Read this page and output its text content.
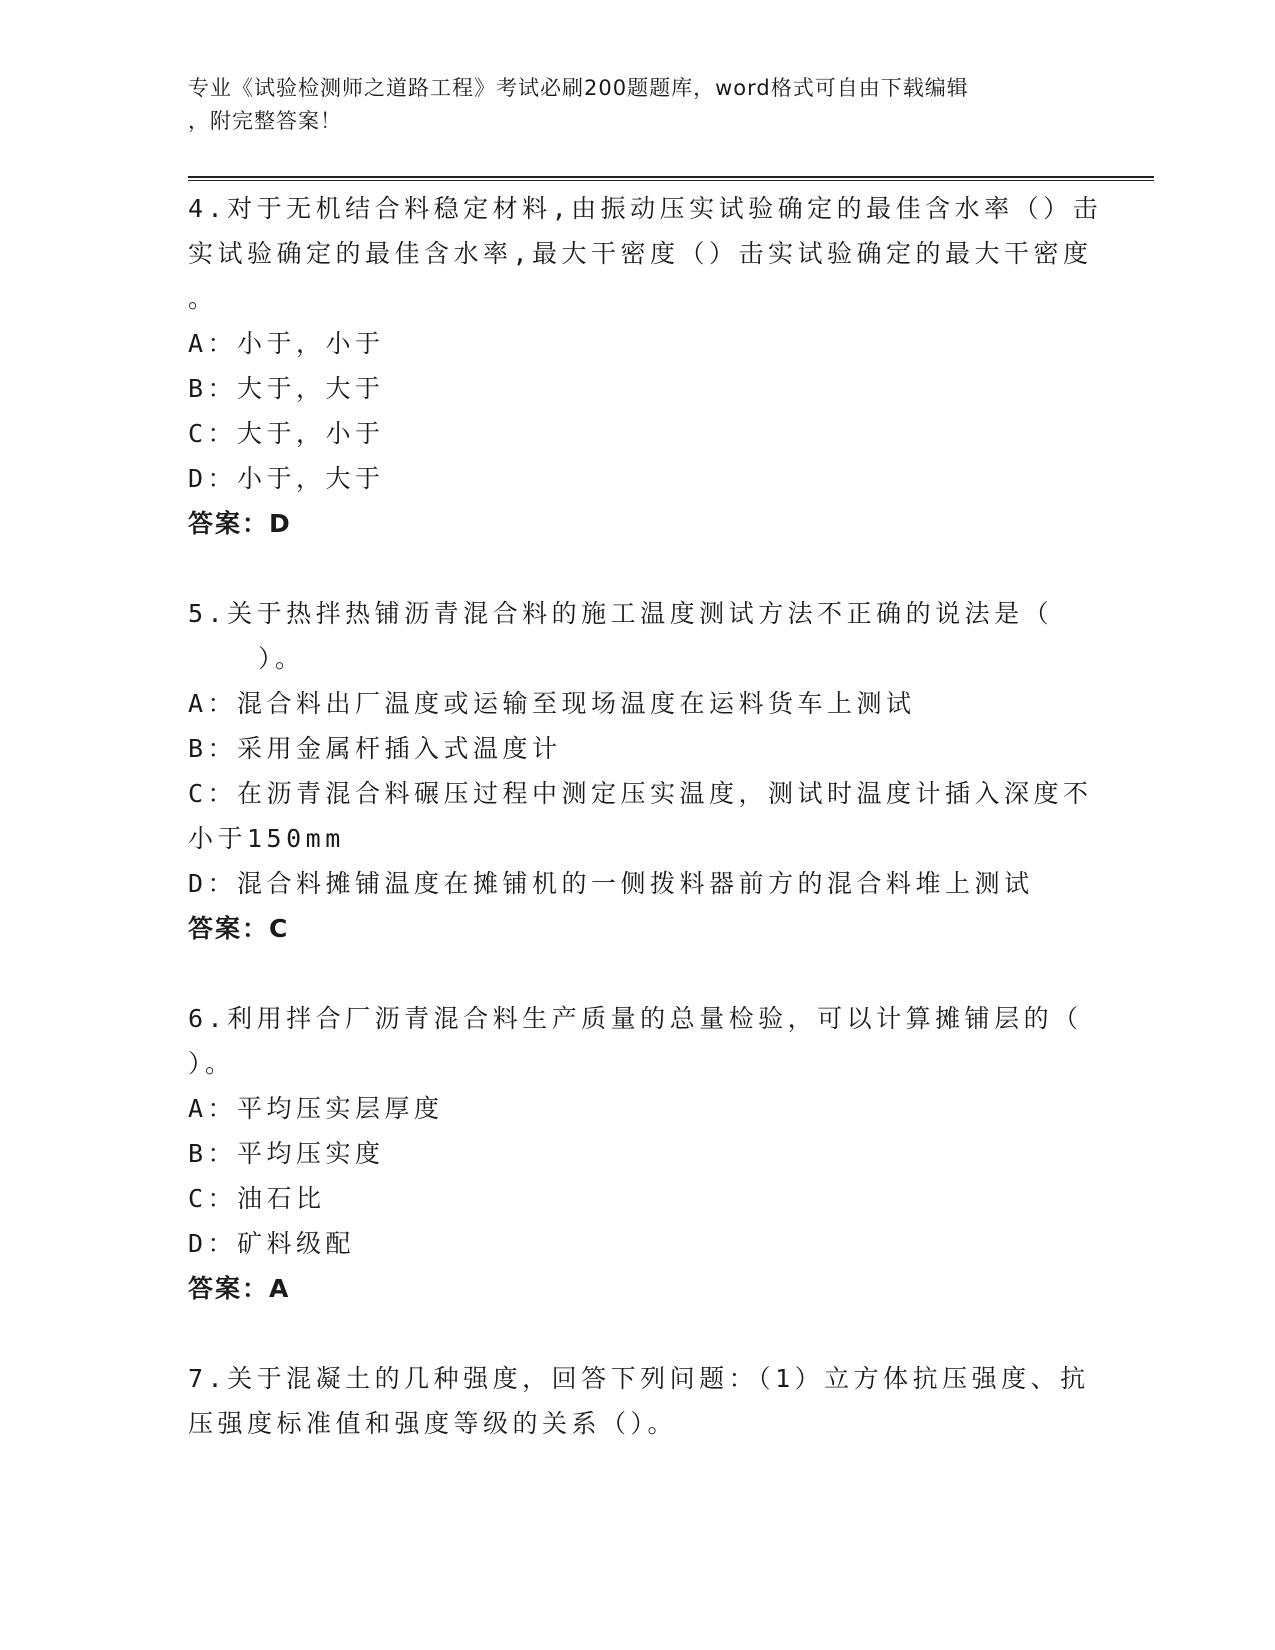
专业《试验检测师之道路工程》考试必刷200题题库，word格式可自由下载编辑
，附完整答案！
4.对于无机结合料稳定材料,由振动压实试验确定的最佳含水率（）击
实试验确定的最佳含水率,最大干密度（）击实试验确定的最大干密度
。
A：小于，小于
B：大于，大于
C：大于，小于
D：小于，大于
答案：D
5.关于热拌热铺沥青混合料的施工温度测试方法不正确的说法是（
）。
A：混合料出厂温度或运输至现场温度在运料货车上测试
B：采用金属杆插入式温度计
C：在沥青混合料碾压过程中测定压实温度，测试时温度计插入深度不
小于150mm
D：混合料摊铺温度在摊铺机的一侧拨料器前方的混合料堆上测试
答案：C
6.利用拌合厂沥青混合料生产质量的总量检验，可以计算摊铺层的（
）。
A：平均压实层厚度
B：平均压实度
C：油石比
D：矿料级配
答案：A
7.关于混凝土的几种强度，回答下列问题：（1）立方体抗压强度、抗
压强度标准值和强度等级的关系（）。
